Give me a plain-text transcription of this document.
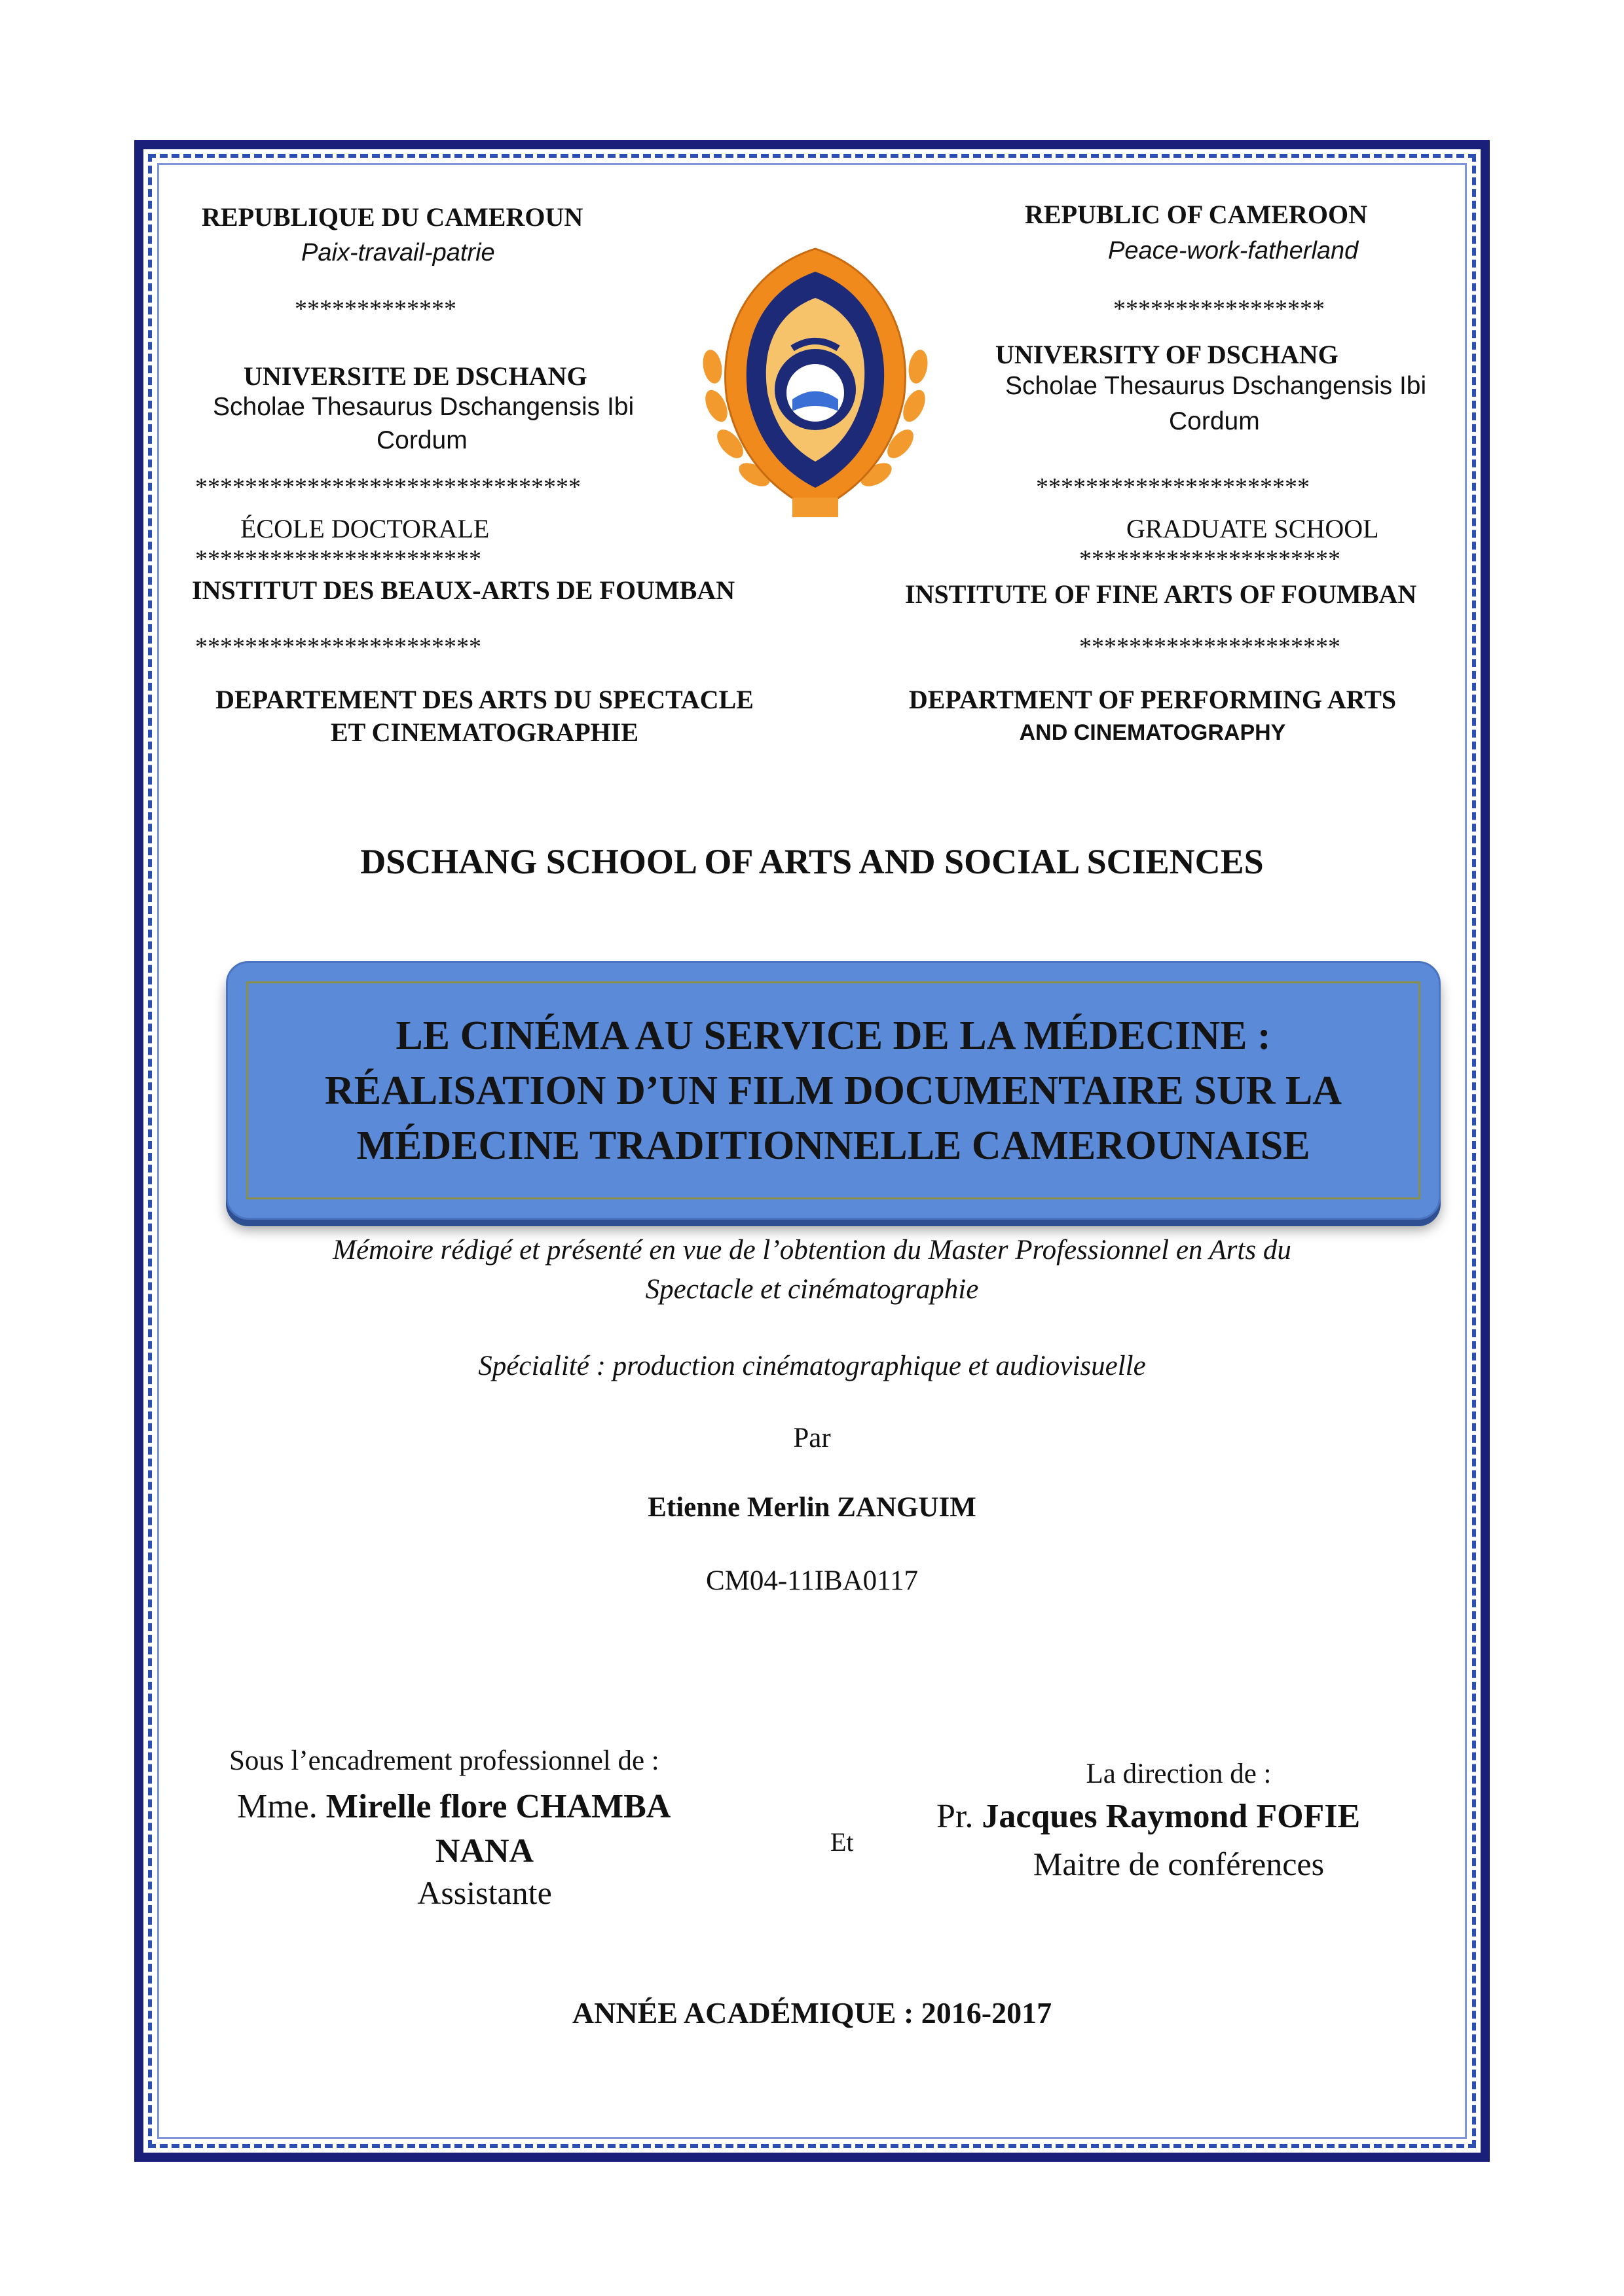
REPUBLIQUE DU CAMEROUN
Paix-travail-patrie
*************
UNIVERSITE DE DSCHANG
Scholae Thesaurus Dschangensis Ibi
Cordum
*******************************
ÉCOLE DOCTORALE
***********************
INSTITUT DES BEAUX-ARTS DE FOUMBAN
***********************
DEPARTEMENT DES ARTS DU SPECTACLE
ET CINEMATOGRAPHIE
REPUBLIC OF CAMEROON
Peace-work-fatherland
*****************
UNIVERSITY OF DSCHANG
Scholae Thesaurus Dschangensis Ibi
Cordum
**********************
GRADUATE SCHOOL
*********************
INSTITUTE OF FINE ARTS OF FOUMBAN
*********************
DEPARTMENT OF PERFORMING ARTS
AND CINEMATOGRAPHY
DSCHANG SCHOOL OF ARTS AND SOCIAL SCIENCES
LE CINÉMA AU SERVICE DE LA MÉDECINE :
RÉALISATION D’UN FILM DOCUMENTAIRE SUR LA
MÉDECINE TRADITIONNELLE CAMEROUNAISE
Mémoire rédigé et présenté en vue de l’obtention du Master Professionnel en Arts du
Spectacle et cinématographie
Spécialité : production cinématographique et audiovisuelle
Par
Etienne Merlin ZANGUIM
CM04-11IBA0117
Sous l’encadrement professionnel de :
Mme. Mirelle flore CHAMBA
NANA
Assistante
Et
La direction de :
Pr. Jacques Raymond FOFIE
Maitre de conférences
ANNÉE ACADÉMIQUE : 2016-2017
